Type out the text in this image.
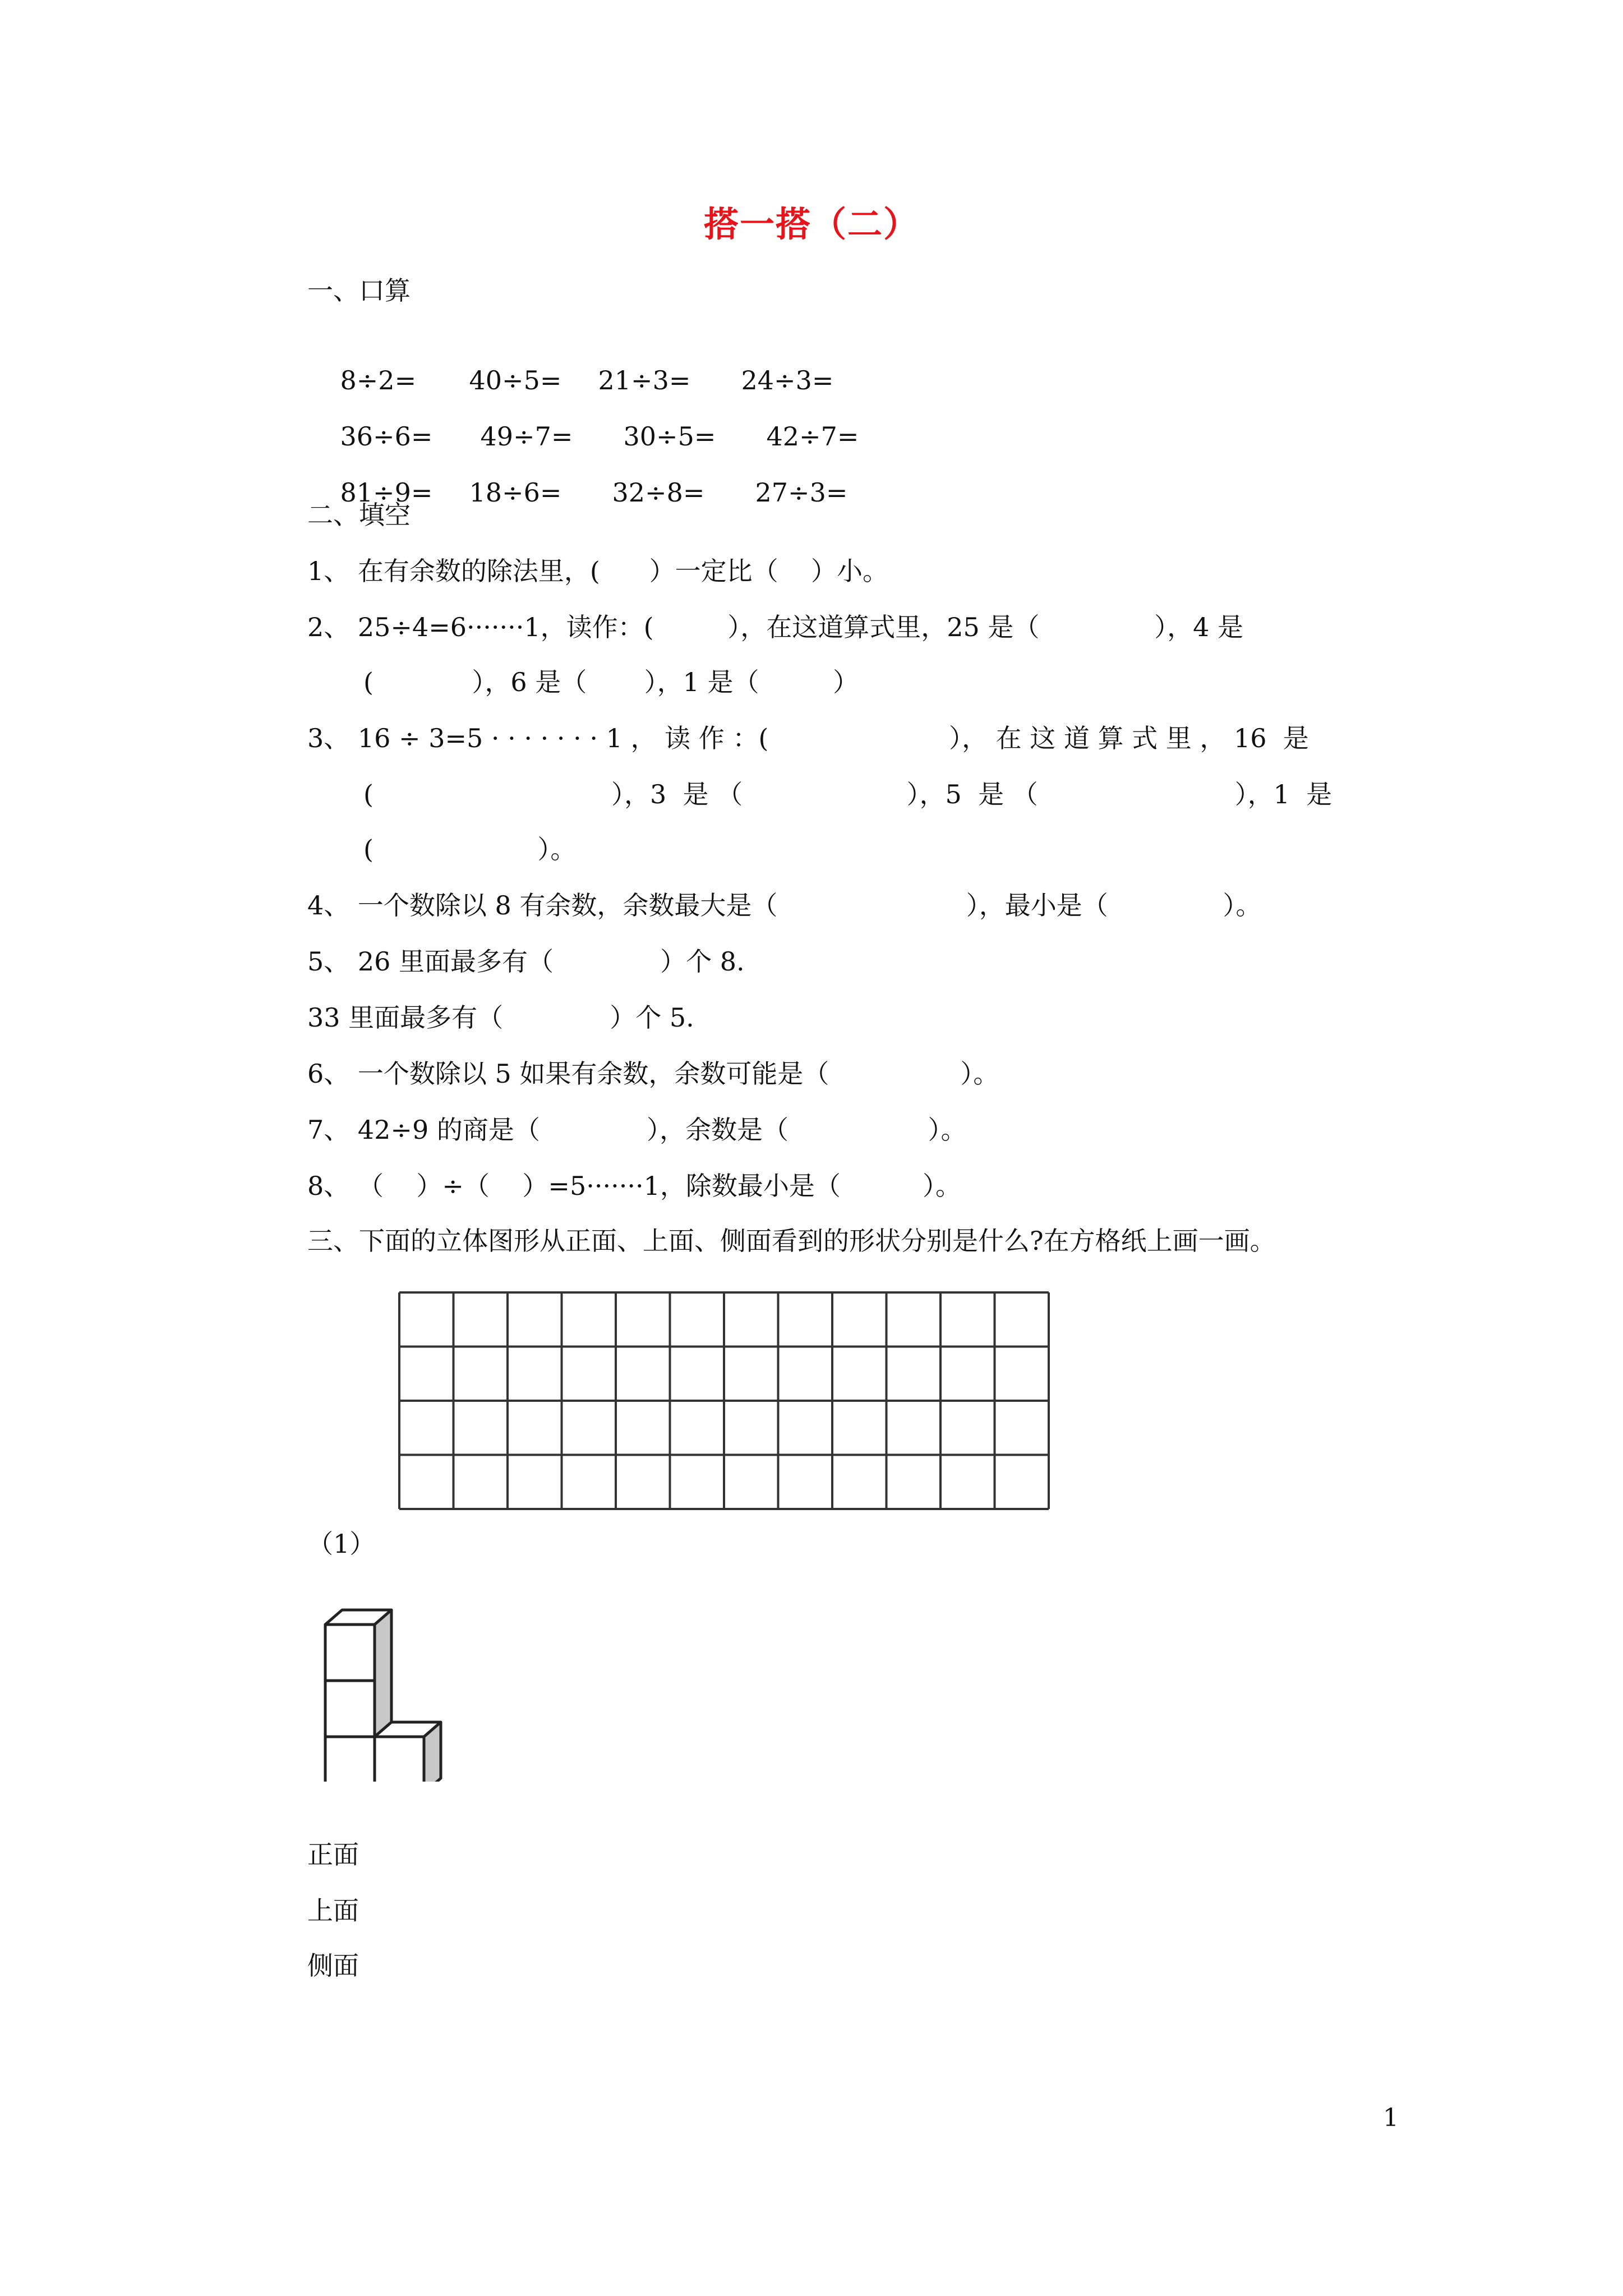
搭一搭（二）
一、口算

8÷2= 40÷5= 21÷3= 24÷3=

36÷6= 49÷7= 30÷5= 42÷7=

81÷9= 18÷6= 32÷8= 27÷3=

二、填空
1、 在有余数的除法里，(      ）一定比（    ）小。
2、 25÷4=6·······1，读作：(         ），在这道算式里，25 是（              ），4 是
(            ），6 是（       ），1 是（         ）
3、 16 ÷ 3=5 · · · · · · · 1 ， 读 作 ：(                      ）， 在 这 道 算 式 里 ， 16  是
(                             ），3  是 （                    ），5  是 （                        ），1  是
(                    ）。
4、 一个数除以 8 有余数，余数最大是（                       ），最小是（              ）。
5、 26 里面最多有（             ）个 8.
33 里面最多有（             ）个 5.
6、 一个数除以 5 如果有余数，余数可能是（                ）。
7、 42÷9 的商是（             ），余数是（                 ）。
8、 （    ）÷（    ）=5·······1，除数最小是（          ）。
三、下面的立体图形从正面、上面、侧面看到的形状分别是什么?在方格纸上画一画。
（1）
正面
上面
侧面
1
